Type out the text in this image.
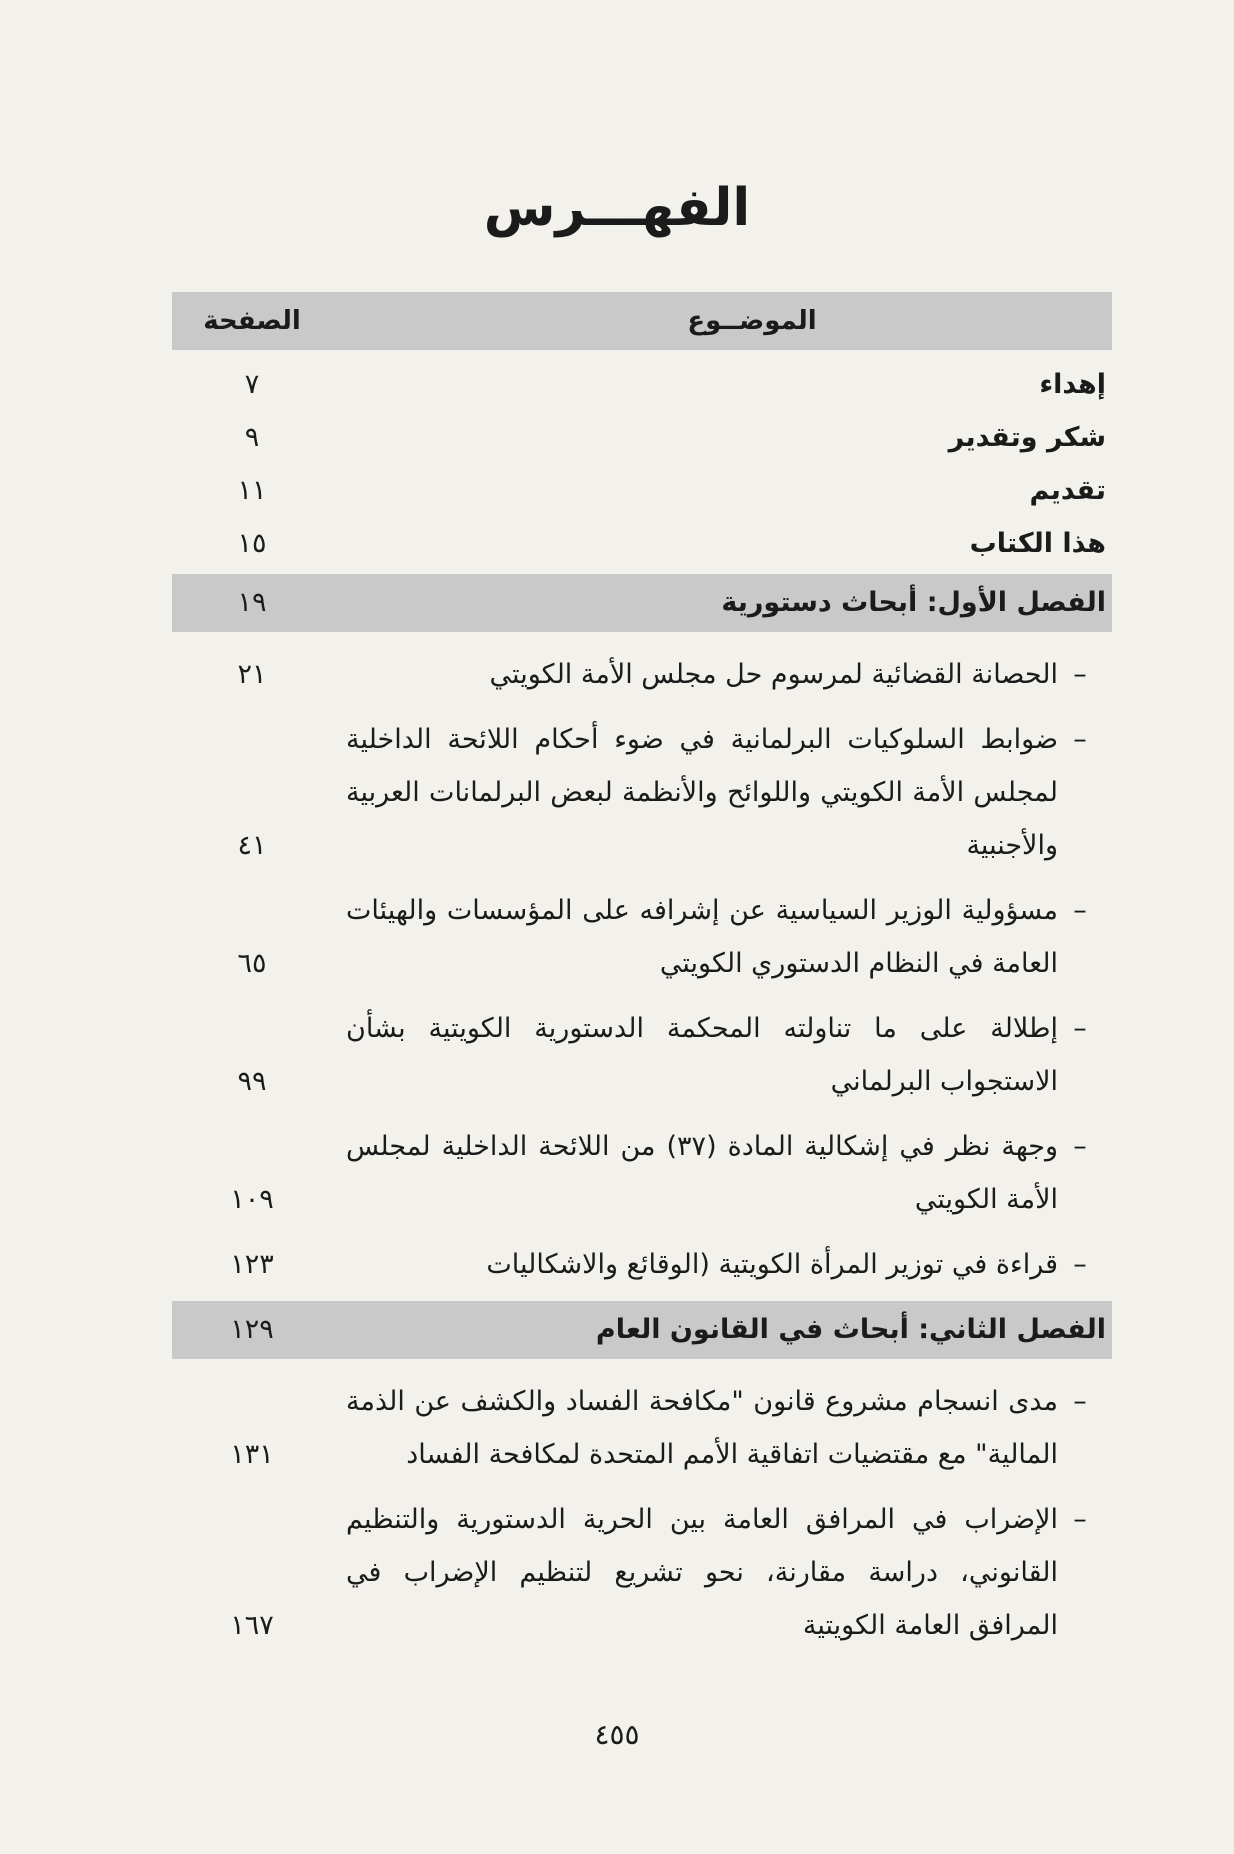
الفهـــرس
الموضــوع
الصفحة
إهداء
٧
شكر وتقدير
٩
تقديم
١١
هذا الكتاب
١٥
الفصل الأول: أبحاث دستورية
١٩
–
الحصانة القضائية لمرسوم حل مجلس الأمة الكويتي
٢١
–
ضوابط السلوكيات البرلمانية في ضوء أحكام اللائحة الداخلية لمجلس الأمة الكويتي واللوائح والأنظمة لبعض البرلمانات العربية والأجنبية
٤١
–
مسؤولية الوزير السياسية عن إشرافه على المؤسسات والهيئات العامة في النظام الدستوري الكويتي
٦٥
–
إطلالة على ما تناولته المحكمة الدستورية الكويتية بشأن الاستجواب البرلماني
٩٩
–
وجهة نظر في إشكالية المادة (٣٧) من اللائحة الداخلية لمجلس الأمة الكويتي
١٠٩
–
قراءة في توزير المرأة الكويتية (الوقائع والاشكاليات
١٢٣
الفصل الثاني: أبحاث في القانون العام
١٢٩
–
مدى انسجام مشروع قانون "مكافحة الفساد والكشف عن الذمة المالية" مع مقتضيات اتفاقية الأمم المتحدة لمكافحة الفساد
١٣١
–
الإضراب في المرافق العامة بين الحرية الدستورية والتنظيم القانوني، دراسة مقارنة، نحو تشريع لتنظيم الإضراب في المرافق العامة الكويتية
١٦٧
٤٥٥
